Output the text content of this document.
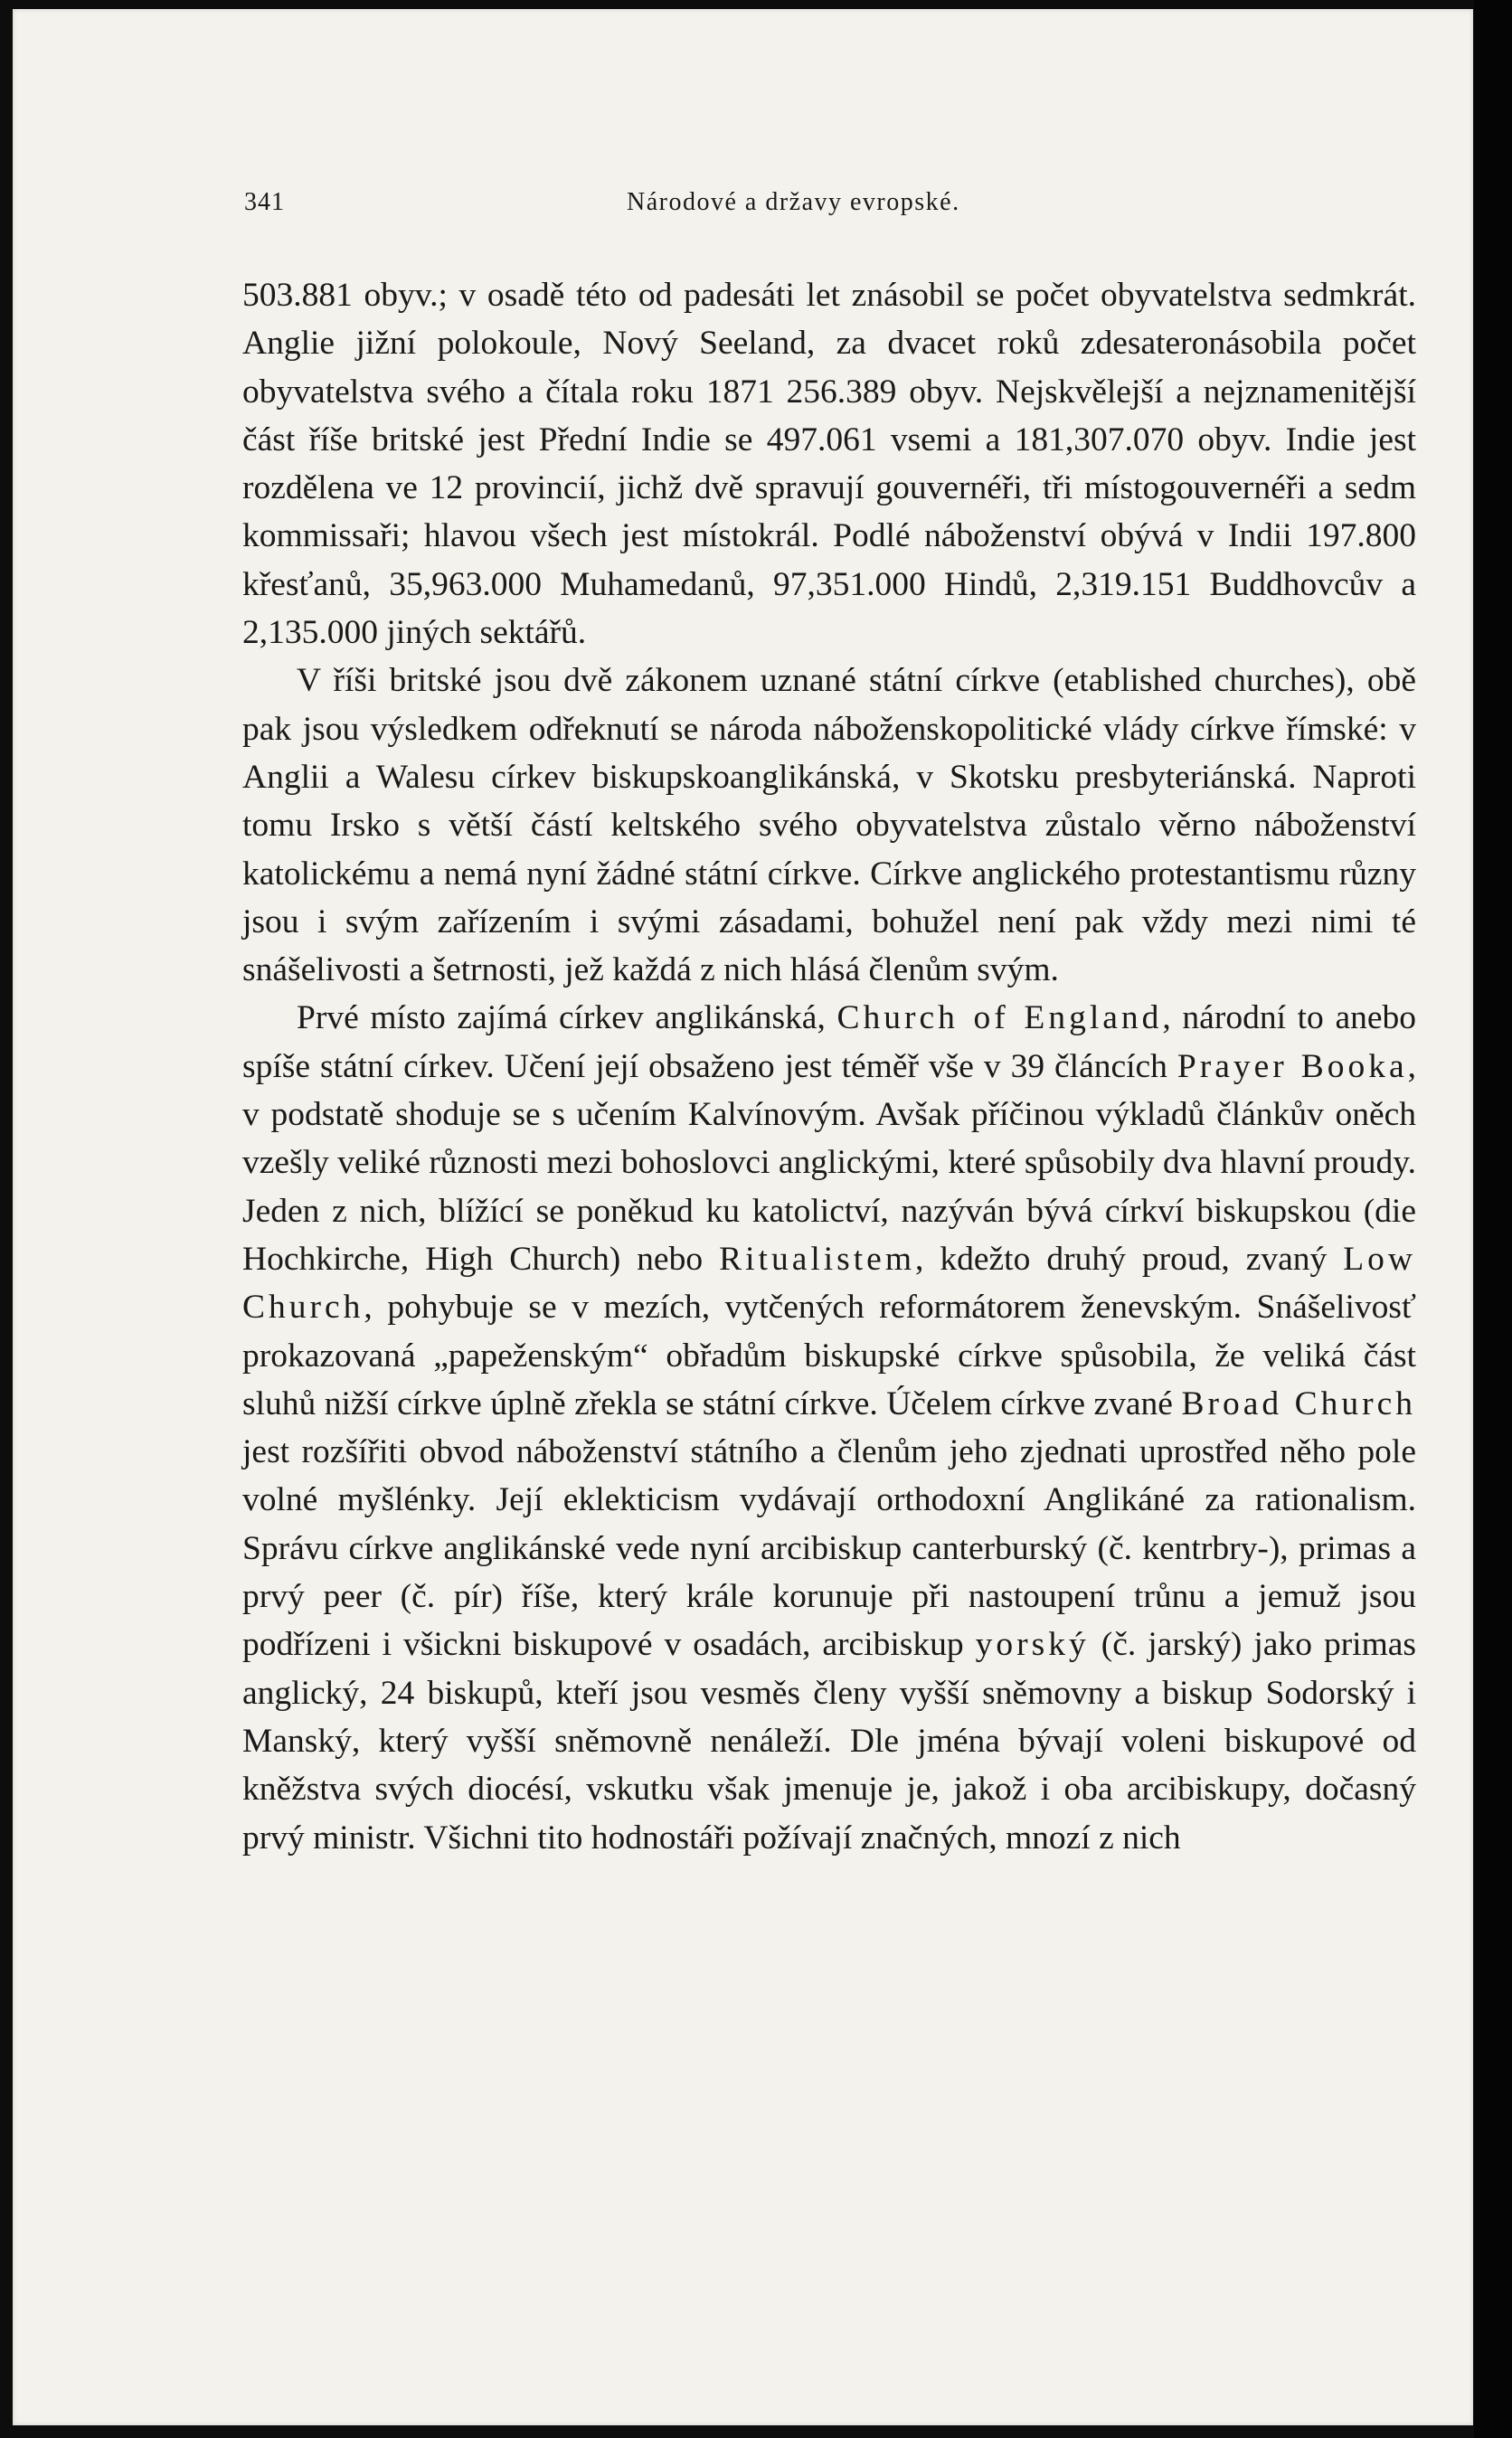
341	Národové a državy evropské.

503.881 obyv.; v osadě této od padesáti let znásobil se počet obyvatelstva sedmkrát. Anglie jižní polokoule, Nový Seeland, za dvacet roků zdesateronásobila počet obyvatelstva svého a čítala roku 1871 256.389 obyv. Nejskvělejší a nejznamenitější část říše britské jest Přední Indie se 497.061 vsemi a 181,307.070 obyv. Indie jest rozdělena ve 12 provincií, jichž dvě spravují gouvernéři, tři místogouvernéři a sedm kommissaři; hlavou všech jest místokrál. Podlé náboženství obývá v Indii 197.800 křesťanů, 35,963.000 Muhamedanů, 97,351.000 Hindů, 2,319.151 Buddhovcův a 2,135.000 jiných sektářů.

V říši britské jsou dvě zákonem uznané státní církve (etablished churches), obě pak jsou výsledkem odřeknutí se národa náboženskopolitické vlády církve římské: v Anglii a Walesu církev biskupskoanglikánská, v Skotsku presbyteriánská. Naproti tomu Irsko s větší částí keltského svého obyvatelstva zůstalo věrno náboženství katolickému a nemá nyní žádné státní církve. Církve anglického protestantismu různy jsou i svým zařízením i svými zásadami, bohužel není pak vždy mezi nimi té snášelivosti a šetrnosti, jež každá z nich hlásá členům svým.

Prvé místo zajímá církev anglikánská, Church of England, národní to anebo spíše státní církev. Učení její obsaženo jest téměř vše v 39 článcích Prayer Booka, v podstatě shoduje se s učením Kalvínovým. Avšak příčinou výkladů článkův oněch vzešly veliké různosti mezi bohoslovci anglickými, které spůsobily dva hlavní proudy. Jeden z nich, blížící se poněkud ku katolictví, nazýván bývá církví biskupskou (die Hochkirche, High Church) nebo Ritualistem, kdežto druhý proud, zvaný Low Church, pohybuje se v mezích, vytčených reformátorem ženevským. Snášelivosť prokazovaná „papeženským“ obřadům biskupské církve spůsobila, že veliká část sluhů nižší církve úplně zřekla se státní církve. Účelem církve zvané Broad Church jest rozšířiti obvod náboženství státního a členům jeho zjednati uprostřed něho pole volné myšlénky. Její eklekticism vydávají orthodoxní Anglikáné za rationalism. Správu církve anglikánské vede nyní arcibiskup canterburský (č. kentrbry-), primas a prvý peer (č. pír) říše, který krále korunuje při nastoupení trůnu a jemuž jsou podřízeni i všickni biskupové v osadách, arcibiskup yorský (č. jarský) jako primas anglický, 24 biskupů, kteří jsou vesměs členy vyšší sněmovny a biskup Sodorský i Manský, který vyšší sněmovně nenáleží. Dle jména bývají voleni biskupové od kněžstva svých diocésí, vskutku však jmenuje je, jakož i oba arcibiskupy, dočasný prvý ministr. Všichni tito hodnostáři požívají značných, mnozí z nich
